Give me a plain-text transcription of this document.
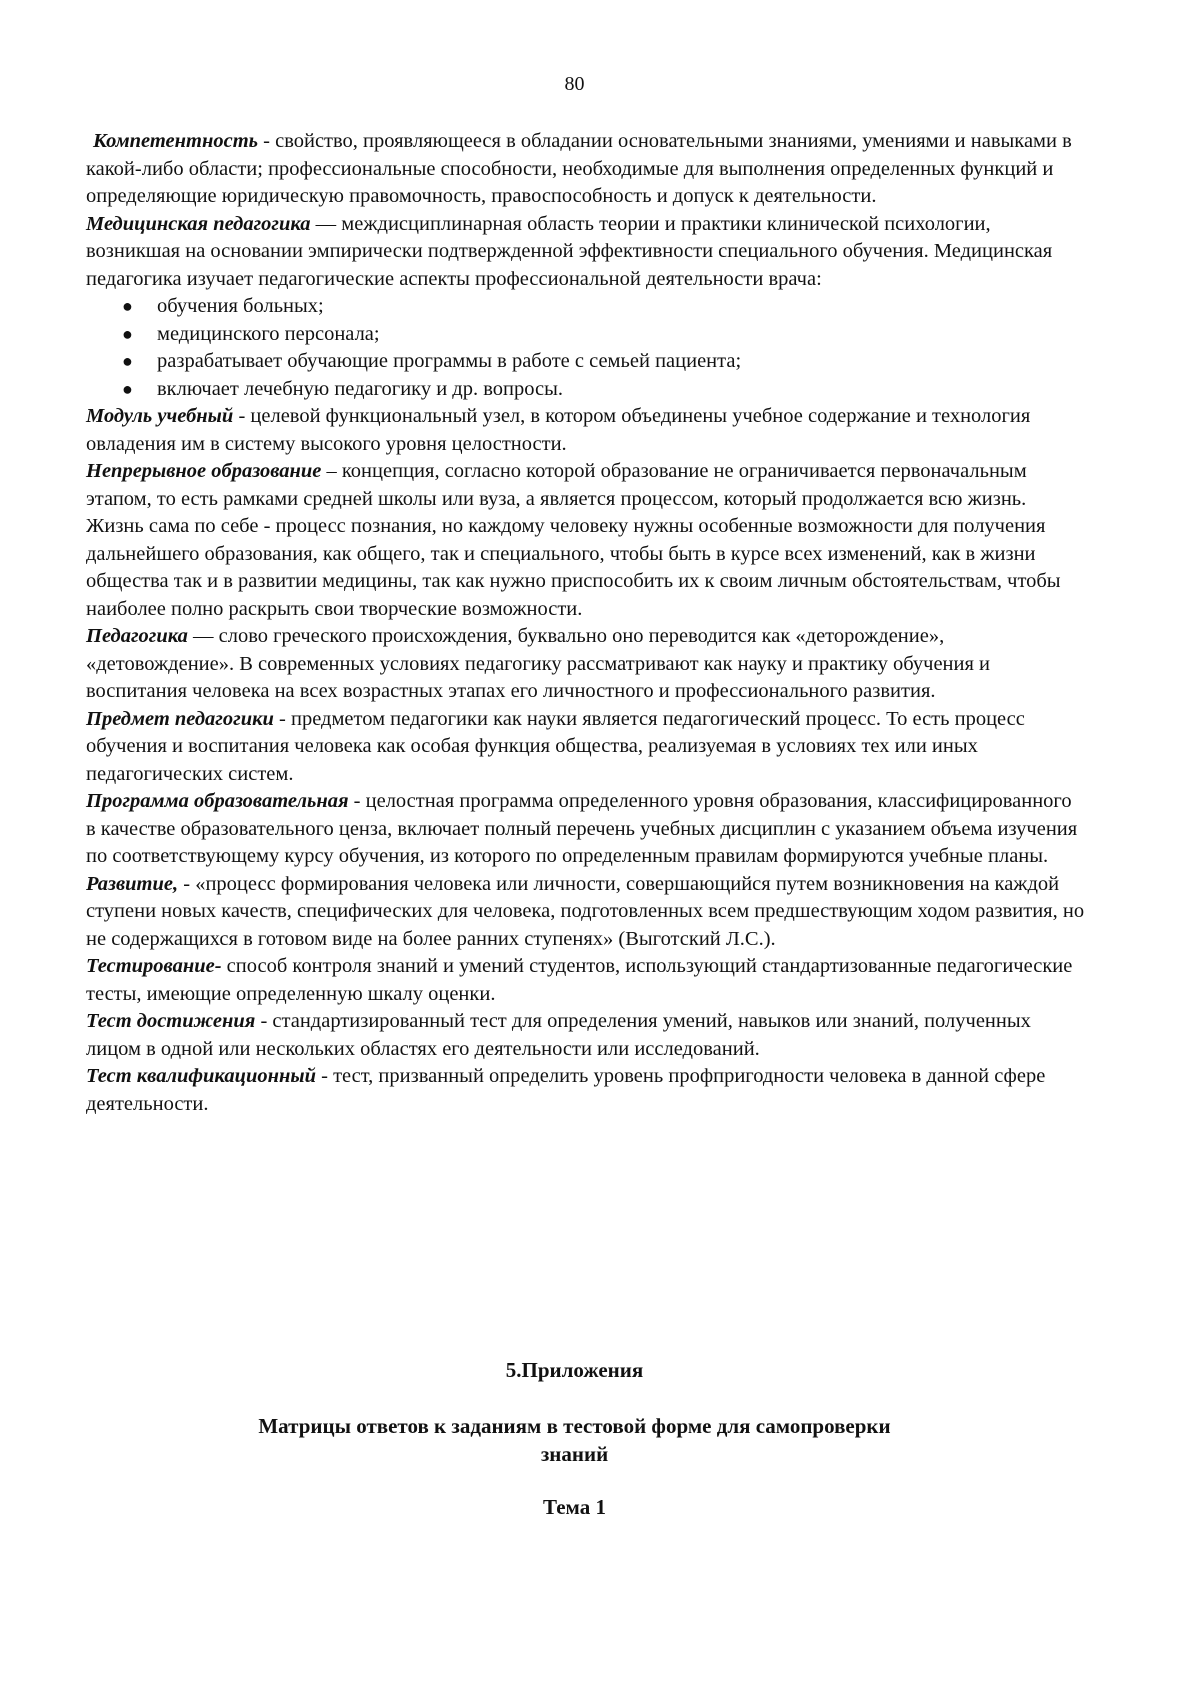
80

Компетентность - свойство, проявляющееся в обладании основательными знаниями, умениями и навыками в какой-либо области; профессиональные способности, необходимые для выполнения определенных функций и определяющие юридическую правомочность, правоспособность и допуск к деятельности.

Медицинская педагогика — междисциплинарная область теории и практики клинической психологии, возникшая на основании эмпирически подтвержденной эффективности специального обучения. Медицинская педагогика изучает педагогические аспекты профессиональной деятельности врача:

● обучения больных;
● медицинского персонала;
● разрабатывает обучающие программы в работе с семьей пациента;
● включает лечебную педагогику и др. вопросы.

Модуль учебный - целевой функциональный узел, в котором объединены учебное содержание и технология овладения им в систему высокого уровня целостности.

Непрерывное образование – концепция, согласно которой образование не ограничивается первоначальным этапом, то есть рамками средней школы или вуза, а является процессом, который продолжается всю жизнь. Жизнь сама по себе - процесс познания, но каждому человеку нужны особенные возможности для получения дальнейшего образования, как общего, так и специального, чтобы быть в курсе всех изменений, как в жизни общества так и в развитии медицины, так как нужно приспособить их к своим личным обстоятельствам, чтобы наиболее полно раскрыть свои творческие возможности.

Педагогика — слово греческого происхождения, буквально оно переводится как «деторождение», «детовождение». В современных условиях педагогику рассматривают как науку и практику обучения и воспитания человека на всех возрастных этапах его личностного и профессионального развития.

Предмет педагогики - предметом педагогики как науки является педагогический процесс. То есть процесс обучения и воспитания человека как особая функция общества, реализуемая в условиях тех или иных педагогических систем.

Программа образовательная - целостная программа определенного уровня образования, классифицированного в качестве образовательного ценза, включает полный перечень учебных дисциплин с указанием объема изучения по соответствующему курсу обучения, из которого по определенным правилам формируются учебные планы.

Развитие, - «процесс формирования человека или личности, совершающийся путем возникновения на каждой ступени новых качеств, специфических для человека, подготовленных всем предшествующим ходом развития, но не содержащихся в готовом виде на более ранних ступенях» (Выготский Л.С.).

Тестирование- способ контроля знаний и умений студентов, использующий стандартизованные педагогические тесты, имеющие определенную шкалу оценки.

Тест достижения - стандартизированный тест для определения умений, навыков или знаний, полученных лицом в одной или нескольких областях его деятельности или исследований.

Тест квалификационный - тест, призванный определить уровень профпригодности человека в данной сфере деятельности.

5.Приложения
Матрицы ответов к заданиям в тестовой форме для самопроверки
знаний
Тема 1
